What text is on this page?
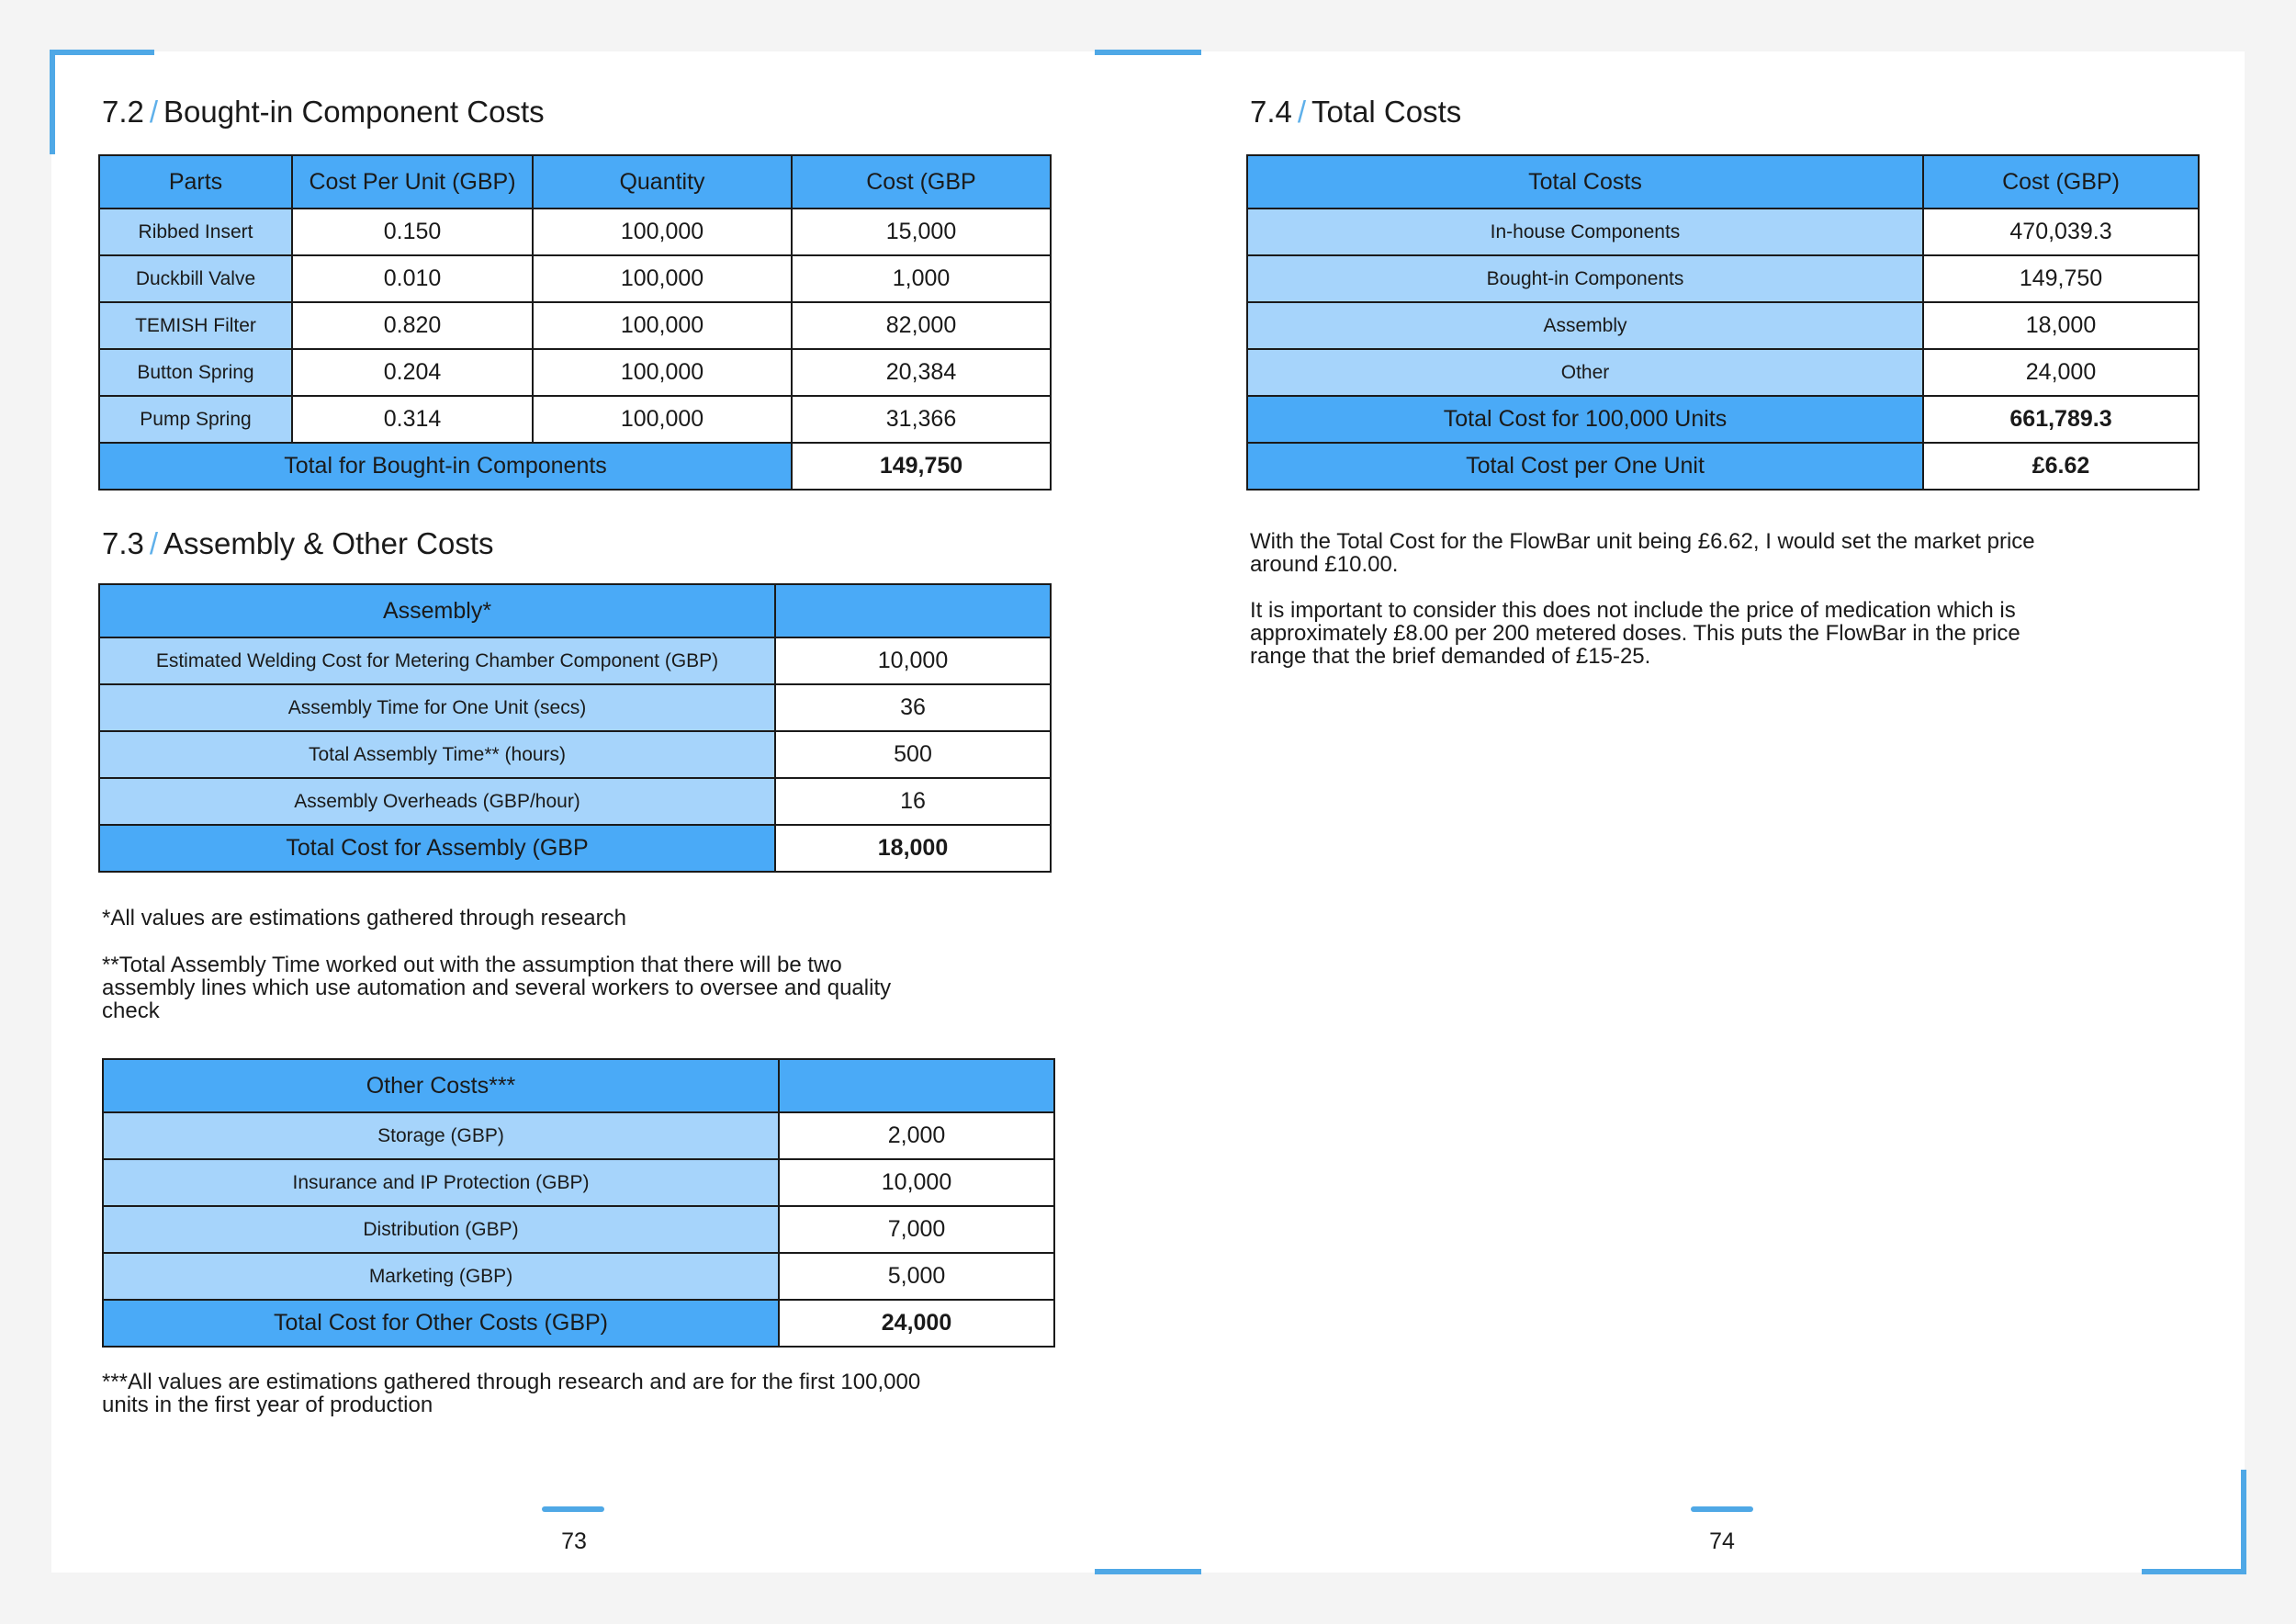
7.2 / Bought-in Component Costs
Parts	Cost Per Unit (GBP)	Quantity	Cost (GBP
Ribbed Insert	0.150	100,000	15,000
Duckbill Valve	0.010	100,000	1,000
TEMISH Filter	0.820	100,000	82,000
Button Spring	0.204	100,000	20,384
Pump Spring	0.314	100,000	31,366
Total for Bought-in Components			149,750
7.3 / Assembly & Other Costs
Assembly*	
Estimated Welding Cost for Metering Chamber Component (GBP)	10,000
Assembly Time for One Unit (secs)	36
Total Assembly Time** (hours)	500
Assembly Overheads (GBP/hour)	16
Total Cost for Assembly (GBP	18,000

*All values are estimations gathered through research

**Total Assembly Time worked out with the assumption that there will be two
assembly lines which use automation and several workers to oversee and quality
check

Other Costs***	
Storage (GBP)	2,000
Insurance and IP Protection (GBP)	10,000
Distribution (GBP)	7,000
Marketing (GBP)	5,000
Total Cost for Other Costs (GBP)	24,000

***All values are estimations gathered through research and are for the first 100,000
units in the first year of production

73
7.4 / Total Costs
Total Costs	Cost (GBP)
In-house Components	470,039.3
Bought-in Components	149,750
Assembly	18,000
Other	24,000
Total Cost for 100,000 Units	661,789.3
Total Cost per One Unit	£6.62

With the Total Cost for the FlowBar unit being £6.62, I would set the market price
around £10.00.

It is important to consider this does not include the price of medication which is
approximately £8.00 per 200 metered doses. This puts the FlowBar in the price
range that the brief demanded of £15-25.

74
